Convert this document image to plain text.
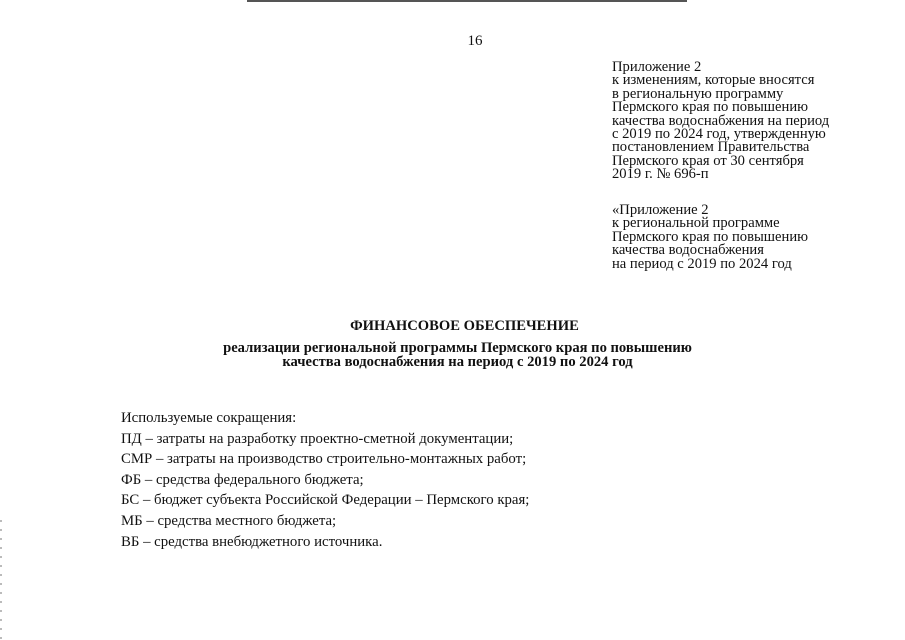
16
Приложение 2
к изменениям, которые вносятся
в региональную программу
Пермского края по повышению
качества водоснабжения на период
с 2019 по 2024 год, утвержденную
постановлением Правительства
Пермского края от 30 сентября
2019 г. № 696-п
«Приложение 2
к региональной программе
Пермского края по повышению
качества водоснабжения
на период с 2019 по 2024 год
ФИНАНСОВОЕ ОБЕСПЕЧЕНИЕ
реализации региональной программы Пермского края по повышению
качества водоснабжения на период с 2019 по 2024 год
Используемые сокращения:
ПД – затраты на разработку проектно-сметной документации;
СМР – затраты на производство строительно-монтажных работ;
ФБ – средства федерального бюджета;
БС – бюджет субъекта Российской Федерации – Пермского края;
МБ – средства местного бюджета;
ВБ – средства внебюджетного источника.
